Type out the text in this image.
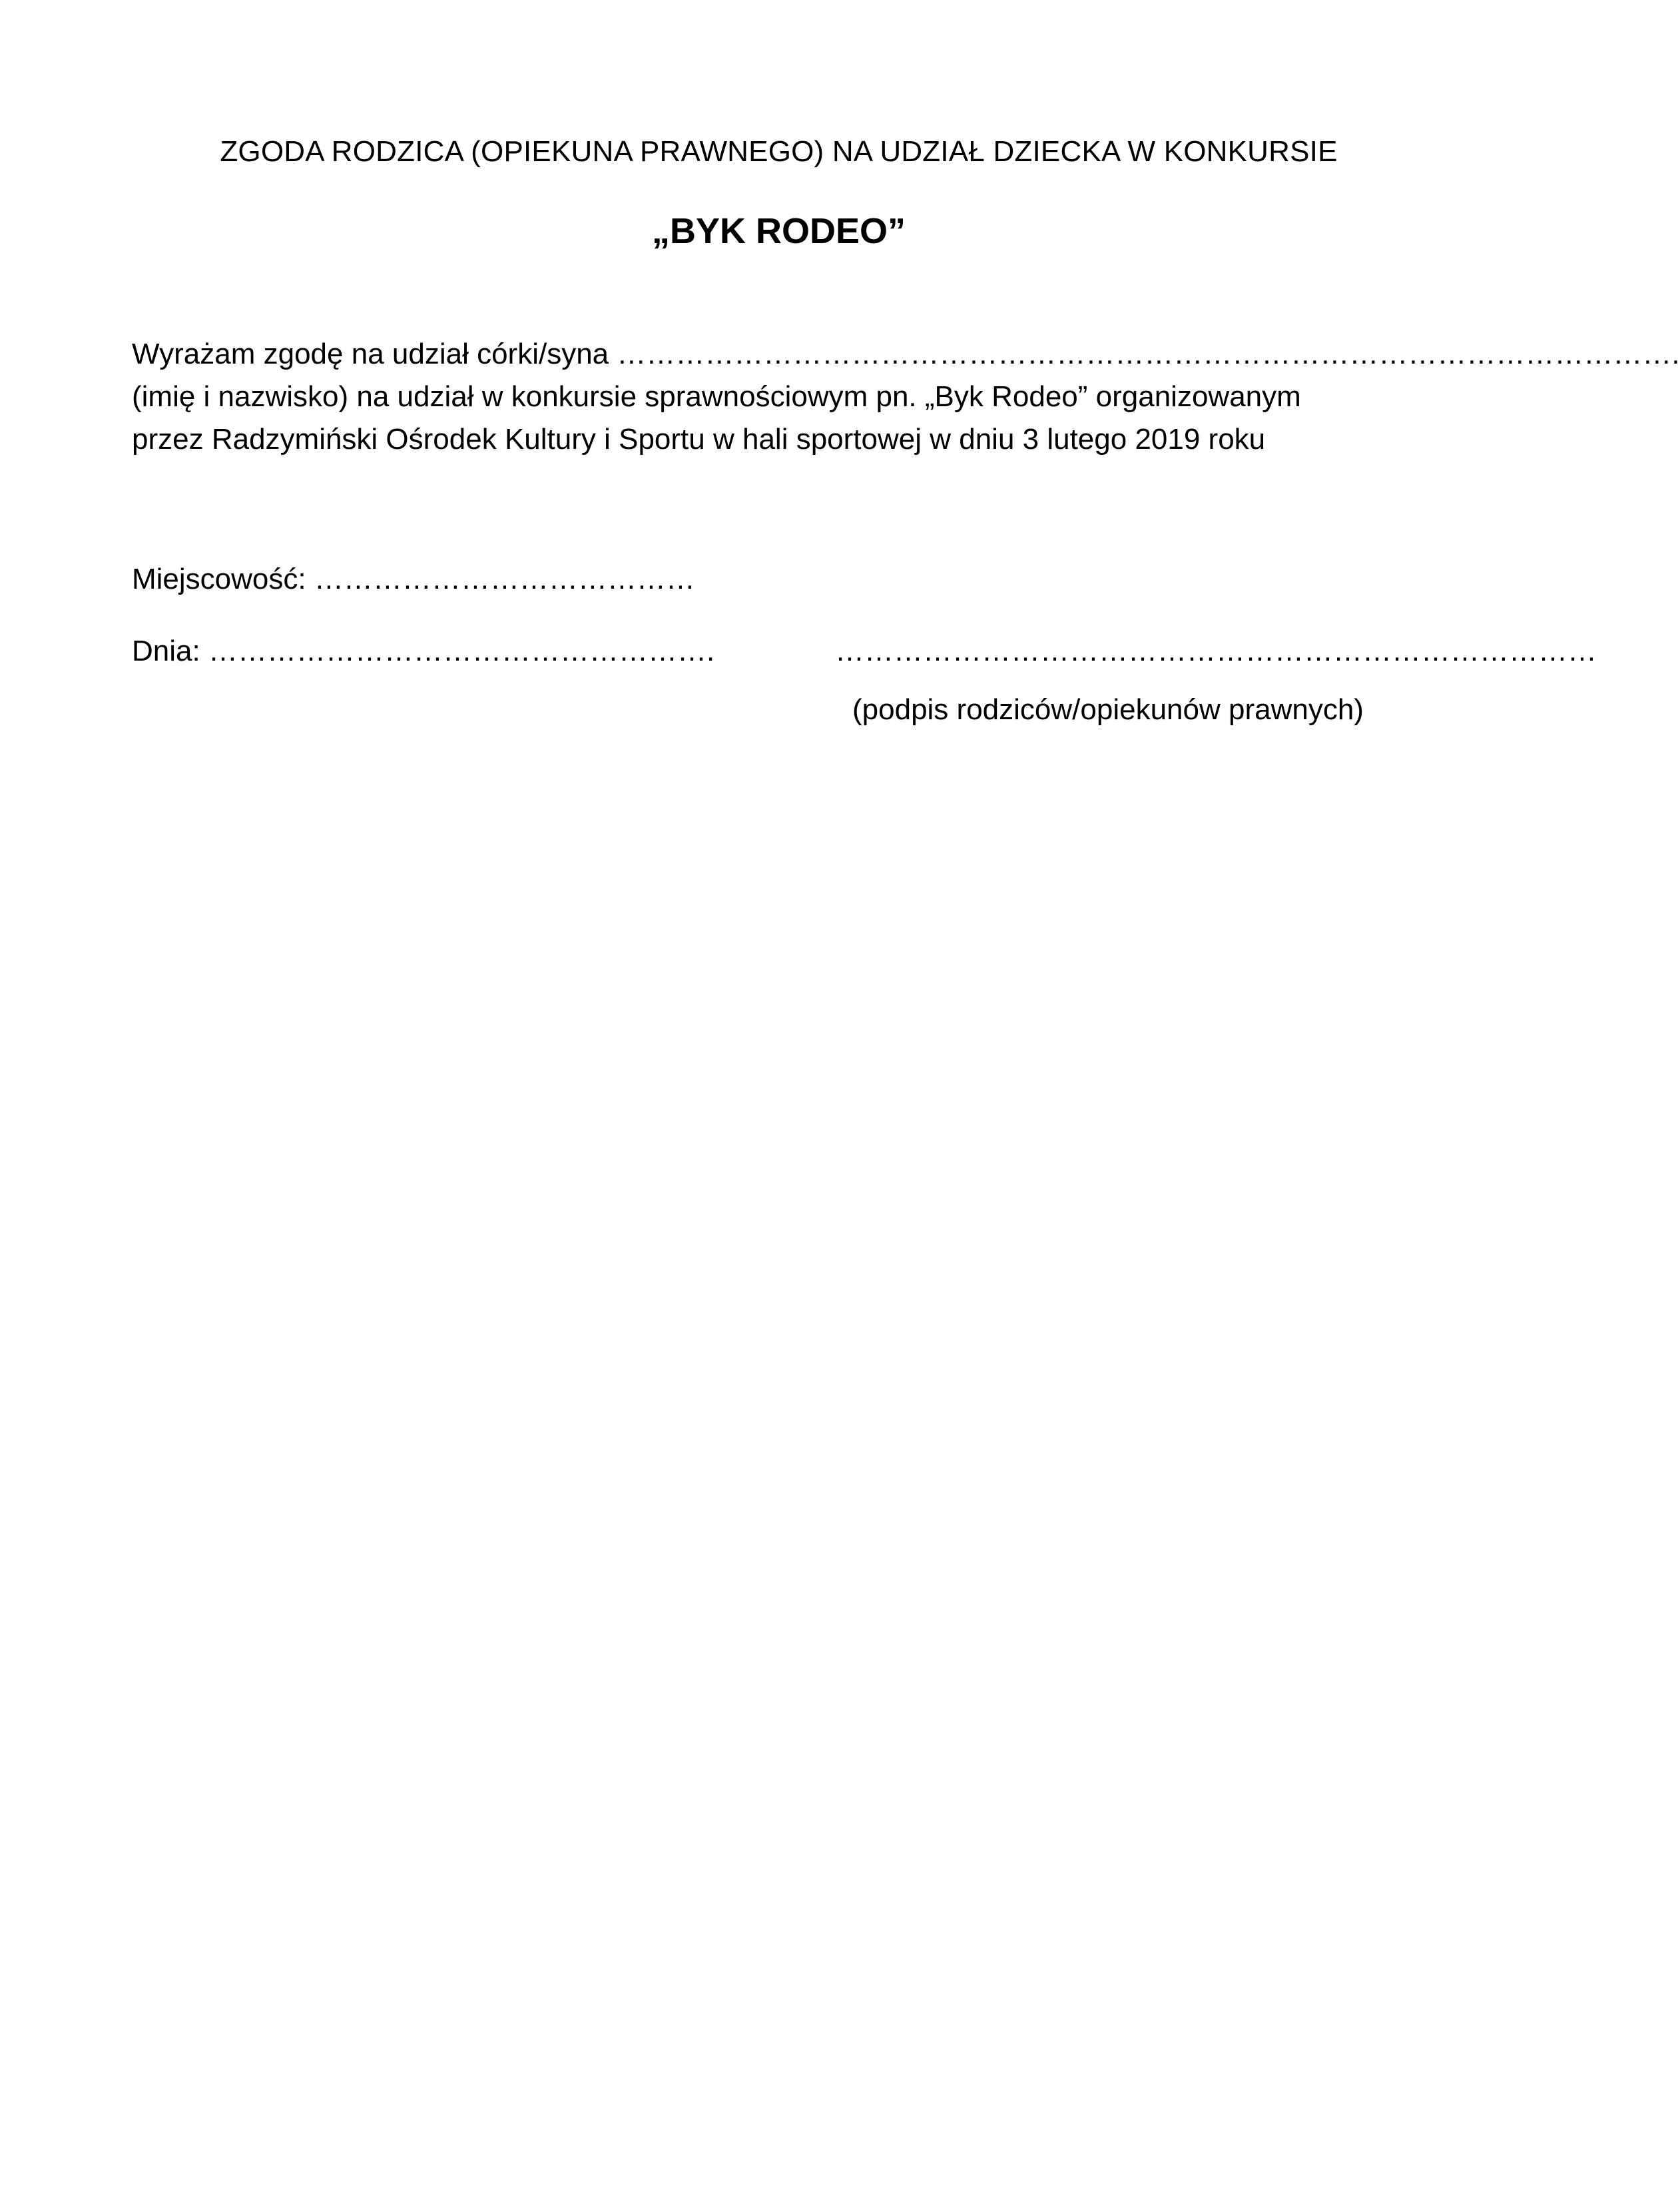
ZGODA RODZICA (OPIEKUNA PRAWNEGO) NA UDZIAŁ DZIECKA W KONKURSIE
„BYK RODEO”
Wyrażam zgodę na udział córki/syna ……………………………………………………………………………………………….
(imię i nazwisko) na udział w konkursie sprawnościowym pn. „Byk Rodeo” organizowanym
przez Radzymiński Ośrodek Kultury i Sportu w hali sportowej w dniu 3 lutego 2019 roku
Miejscowość: …………………………………
Dnia: …………………………………………….	……………………………………………………………………
(podpis rodziców/opiekunów prawnych)
